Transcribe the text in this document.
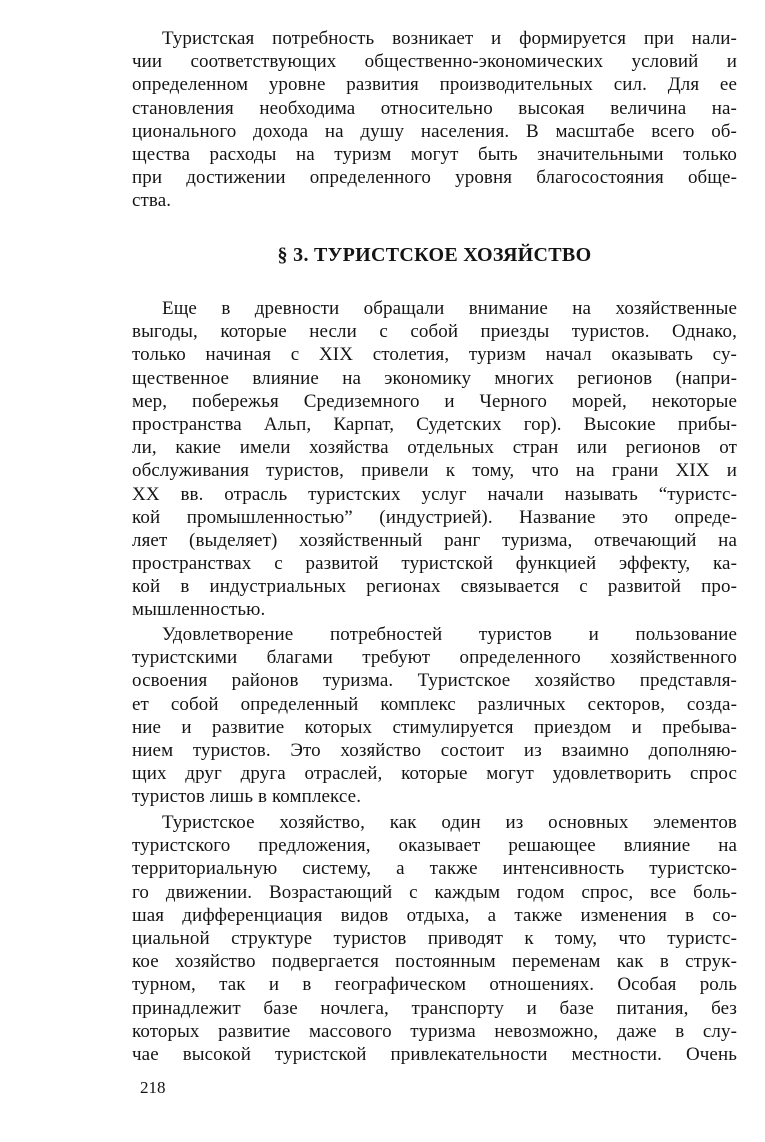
Туристская потребность возникает и формируется при нали-
чии соответствующих общественно-экономических условий и
определенном уровне развития производительных сил. Для ее
становления необходима относительно высокая величина на-
ционального дохода на душу населения. В масштабе всего об-
щества расходы на туризм могут быть значительными только
при достижении определенного уровня благосостояния обще-
ства.
§ 3. ТУРИСТСКОЕ ХОЗЯЙСТВО
Еще в древности обращали внимание на хозяйственные
выгоды, которые несли с собой приезды туристов. Однако,
только начиная с XIX столетия, туризм начал оказывать су-
щественное влияние на экономику многих регионов (напри-
мер, побережья Средиземного и Черного морей, некоторые
пространства Альп, Карпат, Судетских гор). Высокие прибы-
ли, какие имели хозяйства отдельных стран или регионов от
обслуживания туристов, привели к тому, что на грани XIX и
XX вв. отрасль туристских услуг начали называть “туристс-
кой промышленностью” (индустрией). Название это опреде-
ляет (выделяет) хозяйственный ранг туризма, отвечающий на
пространствах с развитой туристской функцией эффекту, ка-
кой в индустриальных регионах связывается с развитой про-
мышленностью.
Удовлетворение потребностей туристов и пользование
туристскими благами требуют определенного хозяйственного
освоения районов туризма. Туристское хозяйство представля-
ет собой определенный комплекс различных секторов, созда-
ние и развитие которых стимулируется приездом и пребыва-
нием туристов. Это хозяйство состоит из взаимно дополняю-
щих друг друга отраслей, которые могут удовлетворить спрос
туристов лишь в комплексе.
Туристское хозяйство, как один из основных элементов
туристского предложения, оказывает решающее влияние на
территориальную систему, а также интенсивность туристско-
го движении. Возрастающий с каждым годом спрос, все боль-
шая дифференциация видов отдыха, а также изменения в со-
циальной структуре туристов приводят к тому, что туристс-
кое хозяйство подвергается постоянным переменам как в струк-
турном, так и в географическом отношениях. Особая роль
принадлежит базе ночлега, транспорту и базе питания, без
которых развитие массового туризма невозможно, даже в слу-
чае высокой туристской привлекательности местности. Очень
218
